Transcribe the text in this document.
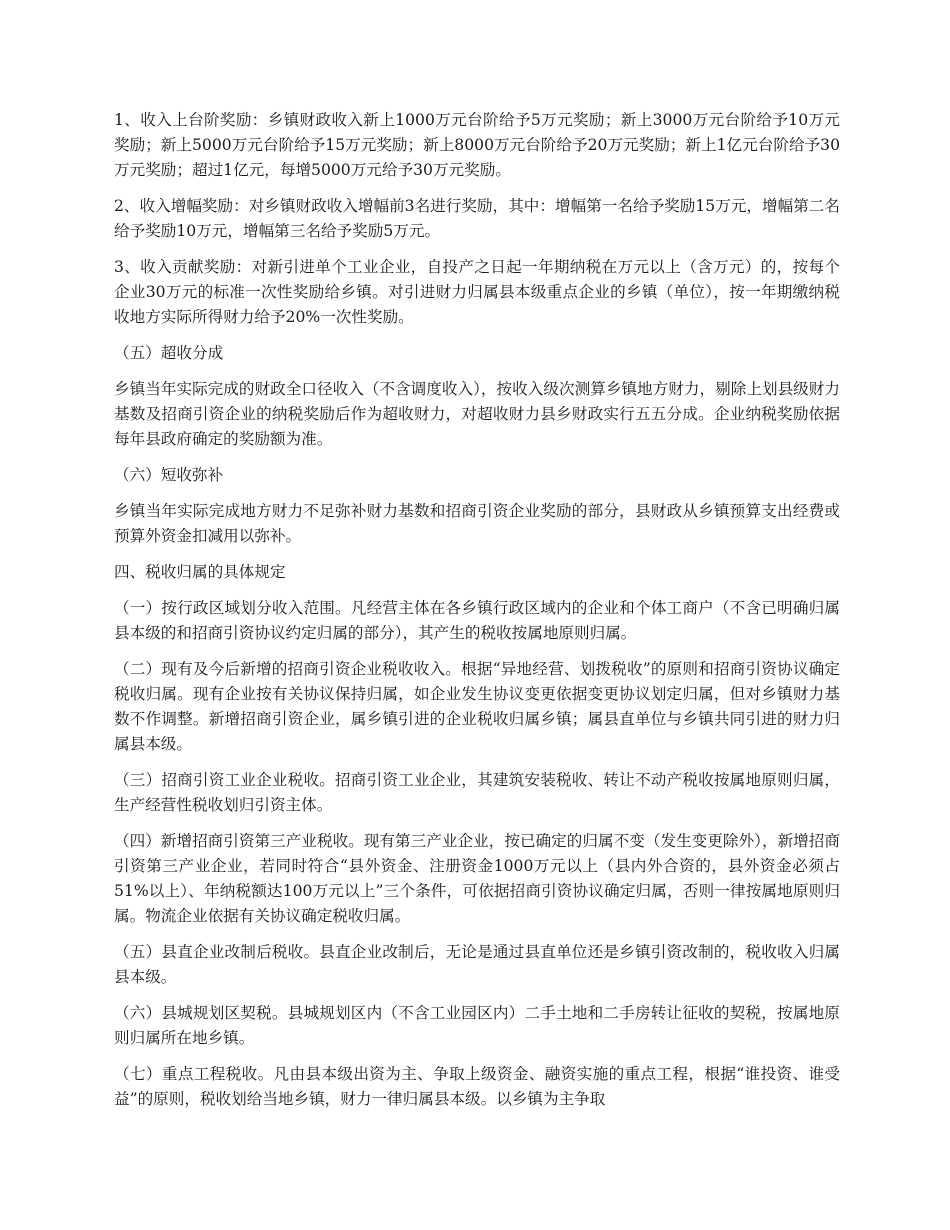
1、收入上台阶奖励：乡镇财政收入新上1000万元台阶给予5万元奖励；新上3000万元台阶给予10万元奖励；新上5000万元台阶给予15万元奖励；新上8000万元台阶给予20万元奖励；新上1亿元台阶给予30万元奖励；超过1亿元，每增5000万元给予30万元奖励。

2、收入增幅奖励：对乡镇财政收入增幅前3名进行奖励，其中：增幅第一名给予奖励15万元，增幅第二名给予奖励10万元，增幅第三名给予奖励5万元。

3、收入贡献奖励：对新引进单个工业企业，自投产之日起一年期纳税在万元以上（含万元）的，按每个企业30万元的标准一次性奖励给乡镇。对引进财力归属县本级重点企业的乡镇（单位），按一年期缴纳税收地方实际所得财力给予20%一次性奖励。

（五）超收分成

乡镇当年实际完成的财政全口径收入（不含调度收入），按收入级次测算乡镇地方财力，剔除上划县级财力基数及招商引资企业的纳税奖励后作为超收财力，对超收财力县乡财政实行五五分成。企业纳税奖励依据每年县政府确定的奖励额为准。

（六）短收弥补

乡镇当年实际完成地方财力不足弥补财力基数和招商引资企业奖励的部分，县财政从乡镇预算支出经费或预算外资金扣减用以弥补。

四、税收归属的具体规定

（一）按行政区域划分收入范围。凡经营主体在各乡镇行政区域内的企业和个体工商户（不含已明确归属县本级的和招商引资协议约定归属的部分），其产生的税收按属地原则归属。

（二）现有及今后新增的招商引资企业税收收入。根据“异地经营、划拨税收”的原则和招商引资协议确定税收归属。现有企业按有关协议保持归属，如企业发生协议变更依据变更协议划定归属，但对乡镇财力基数不作调整。新增招商引资企业，属乡镇引进的企业税收归属乡镇；属县直单位与乡镇共同引进的财力归属县本级。

（三）招商引资工业企业税收。招商引资工业企业，其建筑安装税收、转让不动产税收按属地原则归属，生产经营性税收划归引资主体。

（四）新增招商引资第三产业税收。现有第三产业企业，按已确定的归属不变（发生变更除外），新增招商引资第三产业企业，若同时符合“县外资金、注册资金1000万元以上（县内外合资的，县外资金必须占51%以上）、年纳税额达100万元以上”三个条件，可依据招商引资协议确定归属，否则一律按属地原则归属。物流企业依据有关协议确定税收归属。

（五）县直企业改制后税收。县直企业改制后，无论是通过县直单位还是乡镇引资改制的，税收收入归属县本级。

（六）县城规划区契税。县城规划区内（不含工业园区内）二手土地和二手房转让征收的契税，按属地原则归属所在地乡镇。

（七）重点工程税收。凡由县本级出资为主、争取上级资金、融资实施的重点工程，根据“谁投资、谁受益”的原则，税收划给当地乡镇，财力一律归属县本级。以乡镇为主争取
